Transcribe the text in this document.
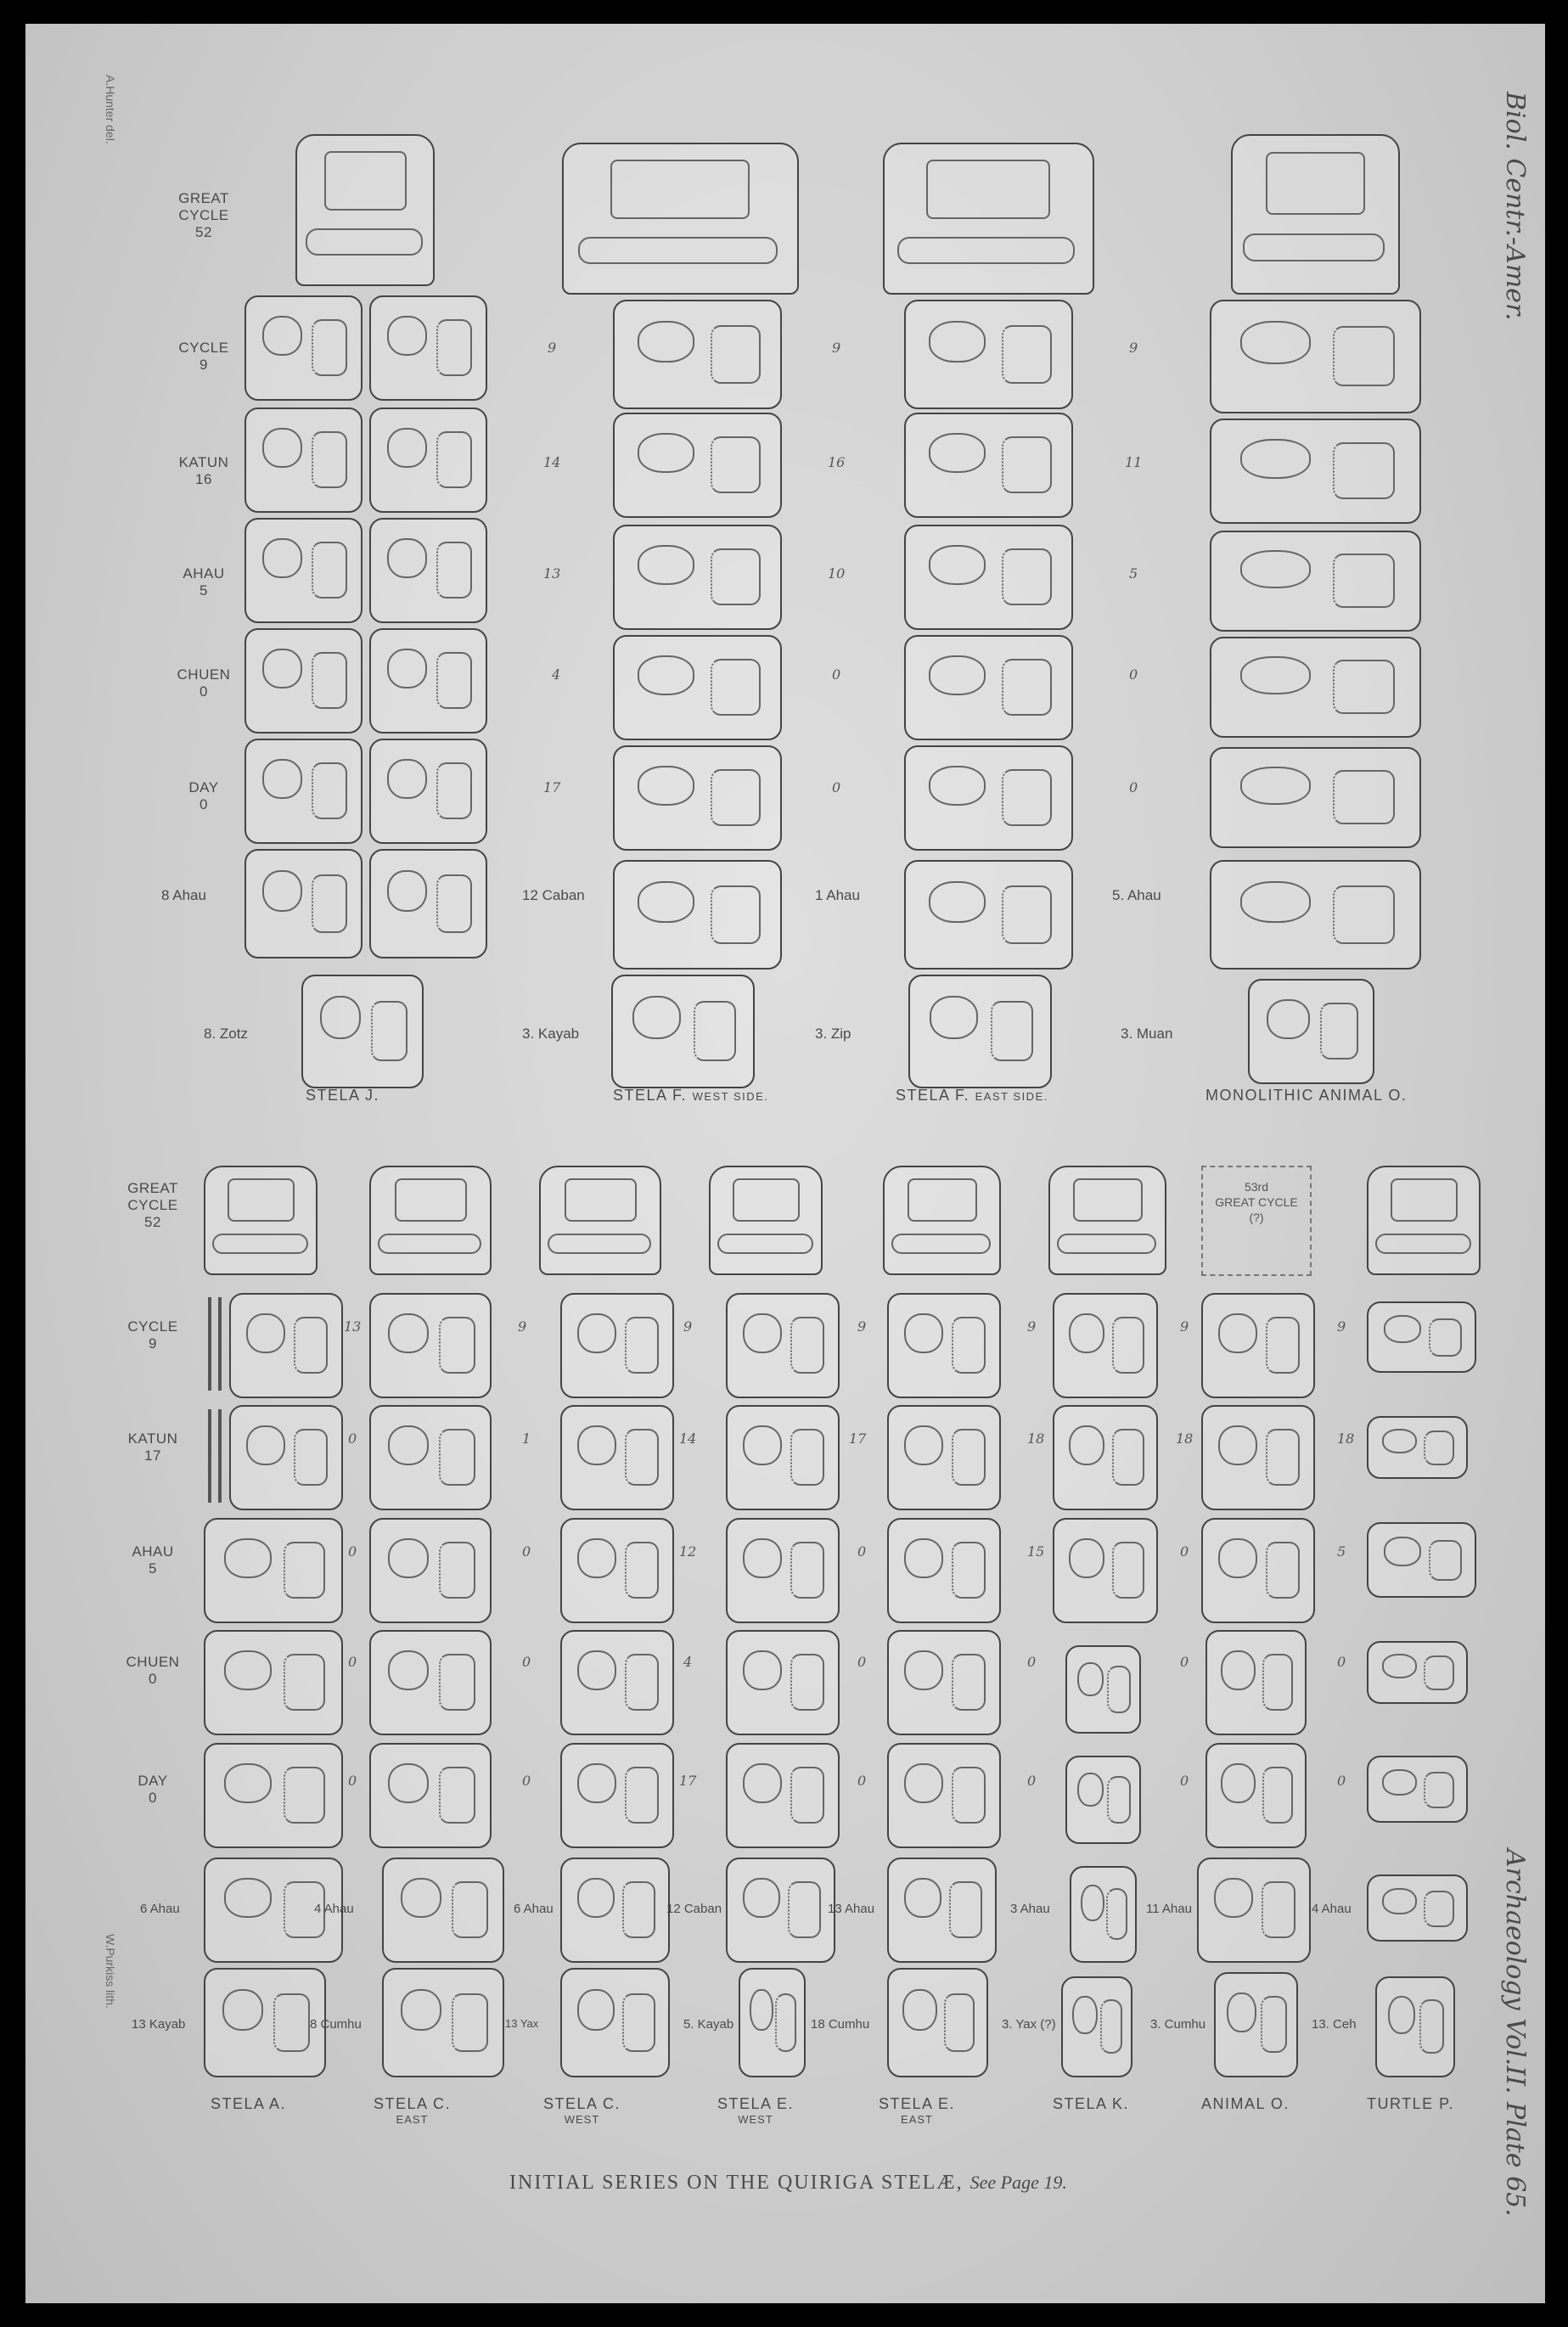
A.Hunter del.
W.Purkiss lith.
Biol. Centr.-Amer.
Archaeology Vol.II. Plate 65.
GREAT CYCLE
52
CYCLE
9
KATUN
16
AHAU
5
CHUEN
0
DAY
0
8 Ahau
8. Zotz
STELA J.
9
14
13
4
17
12 Caban
3. Kayab
STELA F. WEST SIDE.
9
16
10
0
0
1 Ahau
3. Zip
STELA F. EAST SIDE.
9
11
5
0
0
5. Ahau
3. Muan
MONOLITHIC ANIMAL O.
GREAT
CYCLE
52
CYCLE
9
KATUN
17
AHAU
5
CHUEN
0
DAY
0
6 Ahau
13 Kayab
STELA A.
13
0
0
0
0
4 Ahau
8 Cumhu
STELA C.
EAST
9
1
0
0
0
6 Ahau
13 Yax
STELA C.
WEST
9
14
12
4
17
12 Caban
5. Kayab
STELA E.
WEST
9
17
0
0
0
13 Ahau
18 Cumhu
STELA E.
EAST
9
18
15
0
0
3 Ahau
3. Yax (?)
STELA K.
53rd
GREAT CYCLE
(?)
9
18
0
0
0
11 Ahau
3. Cumhu
ANIMAL O.
9
18
5
0
0
4 Ahau
13. Ceh
TURTLE P.
INITIAL SERIES ON THE QUIRIGA STELÆ, See Page 19.
